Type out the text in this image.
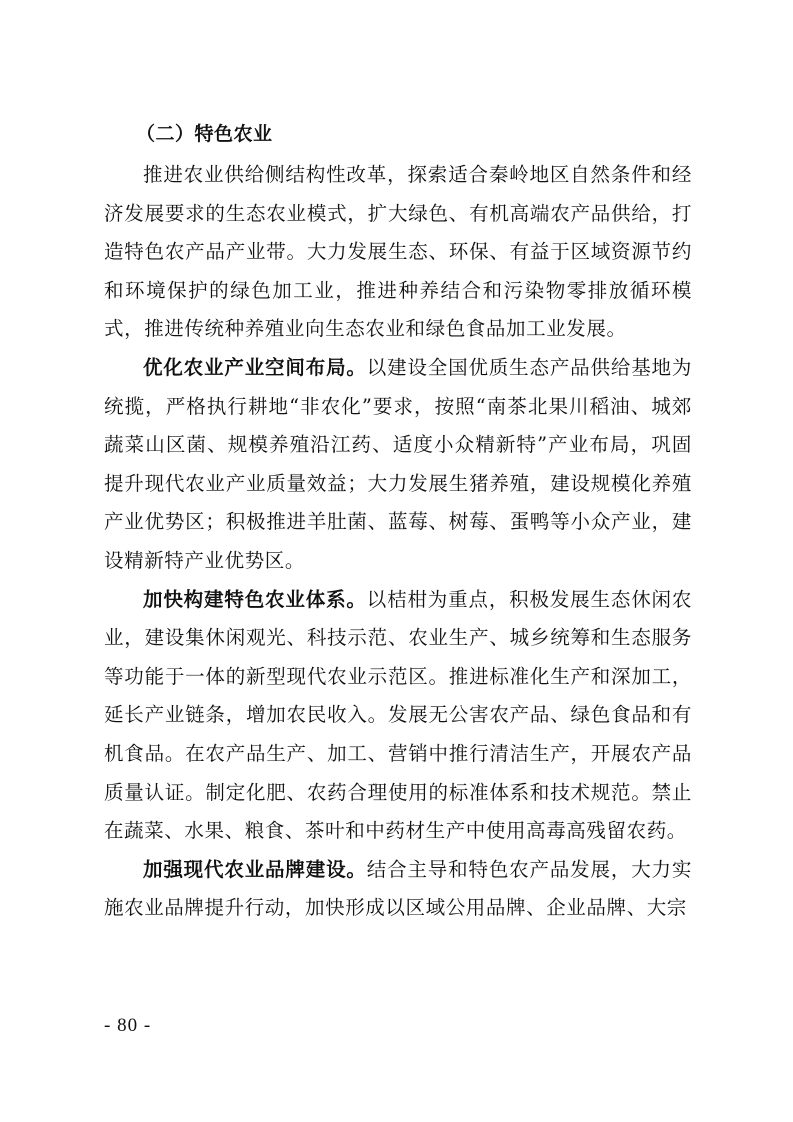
（二）特色农业

推进农业供给侧结构性改革，探索适合秦岭地区自然条件和经济发展要求的生态农业模式，扩大绿色、有机高端农产品供给，打造特色农产品产业带。大力发展生态、环保、有益于区域资源节约和环境保护的绿色加工业，推进种养结合和污染物零排放循环模式，推进传统种养殖业向生态农业和绿色食品加工业发展。

优化农业产业空间布局。以建设全国优质生态产品供给基地为统揽，严格执行耕地“非农化”要求，按照“南茶北果川稻油、城郊蔬菜山区菌、规模养殖沿江药、适度小众精新特”产业布局，巩固提升现代农业产业质量效益；大力发展生猪养殖，建设规模化养殖产业优势区；积极推进羊肚菌、蓝莓、树莓、蛋鸭等小众产业，建设精新特产业优势区。

加快构建特色农业体系。以桔柑为重点，积极发展生态休闲农业，建设集休闲观光、科技示范、农业生产、城乡统筹和生态服务等功能于一体的新型现代农业示范区。推进标准化生产和深加工，延长产业链条，增加农民收入。发展无公害农产品、绿色食品和有机食品。在农产品生产、加工、营销中推行清洁生产，开展农产品质量认证。制定化肥、农药合理使用的标准体系和技术规范。禁止在蔬菜、水果、粮食、茶叶和中药材生产中使用高毒高残留农药。

加强现代农业品牌建设。结合主导和特色农产品发展，大力实施农业品牌提升行动，加快形成以区域公用品牌、企业品牌、大宗

- 80 -
